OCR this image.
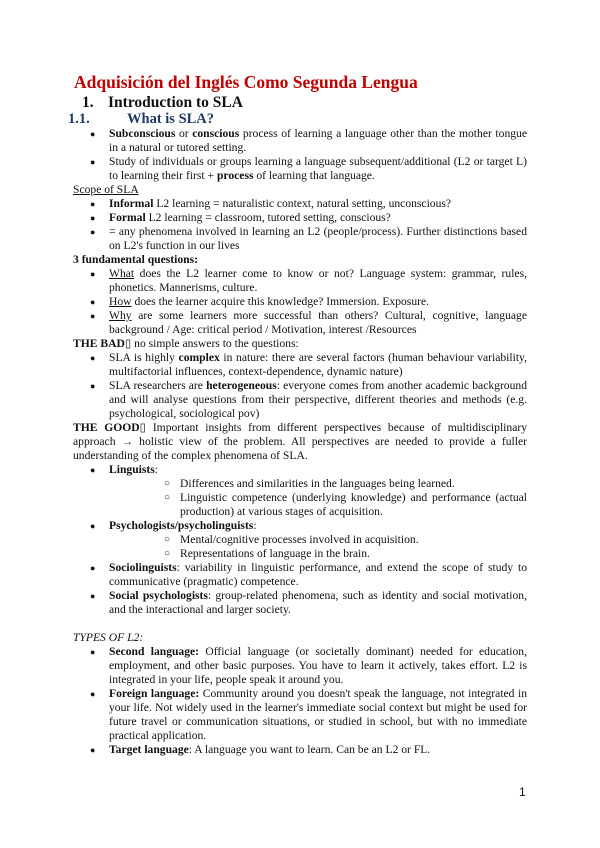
Adquisición del Inglés Como Segunda Lengua
1. Introduction to SLA
1.1.	What is SLA?
● Subconscious or conscious process of learning a language other than the mother tongue in a natural or tutored setting.
● Study of individuals or groups learning a language subsequent/additional (L2 or target L) to learning their first + process of learning that language.
Scope of SLA
● Informal L2 learning = naturalistic context, natural setting, unconscious?
● Formal L2 learning = classroom, tutored setting, conscious?
● = any phenomena involved in learning an L2 (people/process). Further distinctions based on L2's function in our lives
3 fundamental questions:
● What does the L2 learner come to know or not? Language system: grammar, rules, phonetics. Mannerisms, culture.
● How does the learner acquire this knowledge? Immersion. Exposure.
● Why are some learners more successful than others? Cultural, cognitive, language background / Age: critical period / Motivation, interest /Resources
THE BAD▯ no simple answers to the questions:
● SLA is highly complex in nature: there are several factors (human behaviour variability, multifactorial influences, context-dependence, dynamic nature)
● SLA researchers are heterogeneous: everyone comes from another academic background and will analyse questions from their perspective, different theories and methods (e.g. psychological, sociological pov)
THE GOOD▯ Important insights from different perspectives because of multidisciplinary approach → holistic view of the problem. All perspectives are needed to provide a fuller understanding of the complex phenomena of SLA.
● Linguists:
○ Differences and similarities in the languages being learned.
○ Linguistic competence (underlying knowledge) and performance (actual production) at various stages of acquisition.
● Psychologists/psycholinguists:
○ Mental/cognitive processes involved in acquisition.
○ Representations of language in the brain.
● Sociolinguists: variability in linguistic performance, and extend the scope of study to communicative (pragmatic) competence.
● Social psychologists: group-related phenomena, such as identity and social motivation, and the interactional and larger society.
TYPES OF L2:
● Second language: Official language (or societally dominant) needed for education, employment, and other basic purposes. You have to learn it actively, takes effort. L2 is integrated in your life, people speak it around you.
● Foreign language: Community around you doesn't speak the language, not integrated in your life. Not widely used in the learner's immediate social context but might be used for future travel or communication situations, or studied in school, but with no immediate practical application.
● Target language: A language you want to learn. Can be an L2 or FL.
1
